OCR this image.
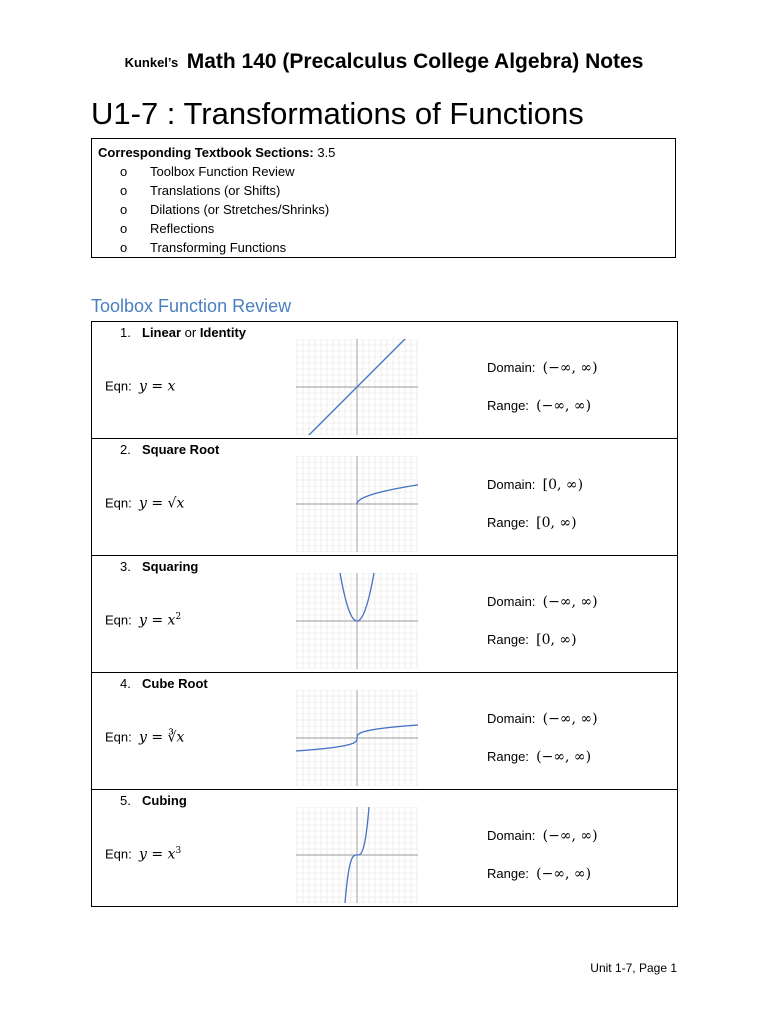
Kunkel’s Math 140 (Precalculus College Algebra) Notes
U1-7 : Transformations of Functions
Corresponding Textbook Sections: 3.5
o	Toolbox Function Review
o	Translations (or Shifts)
o	Dilations (or Stretches/Shrinks)
o	Reflections
o	Transforming Functions
Toolbox Function Review
1. Linear or Identity
Eqn: y = x
Domain: (−∞, ∞)
Range: (−∞, ∞)
2. Square Root
Eqn: y = √x
Domain: [0, ∞)
Range: [0, ∞)
3. Squaring
Eqn: $y = x^2$
Domain: (−∞, ∞)
Range: [0, ∞)
4. Cube Root
Eqn: y = ∛x
Domain: (−∞, ∞)
Range: (−∞, ∞)
5. Cubing
Eqn: $y = x^3$
Domain: (−∞, ∞)
Range: (−∞, ∞)
Unit 1-7, Page 1
